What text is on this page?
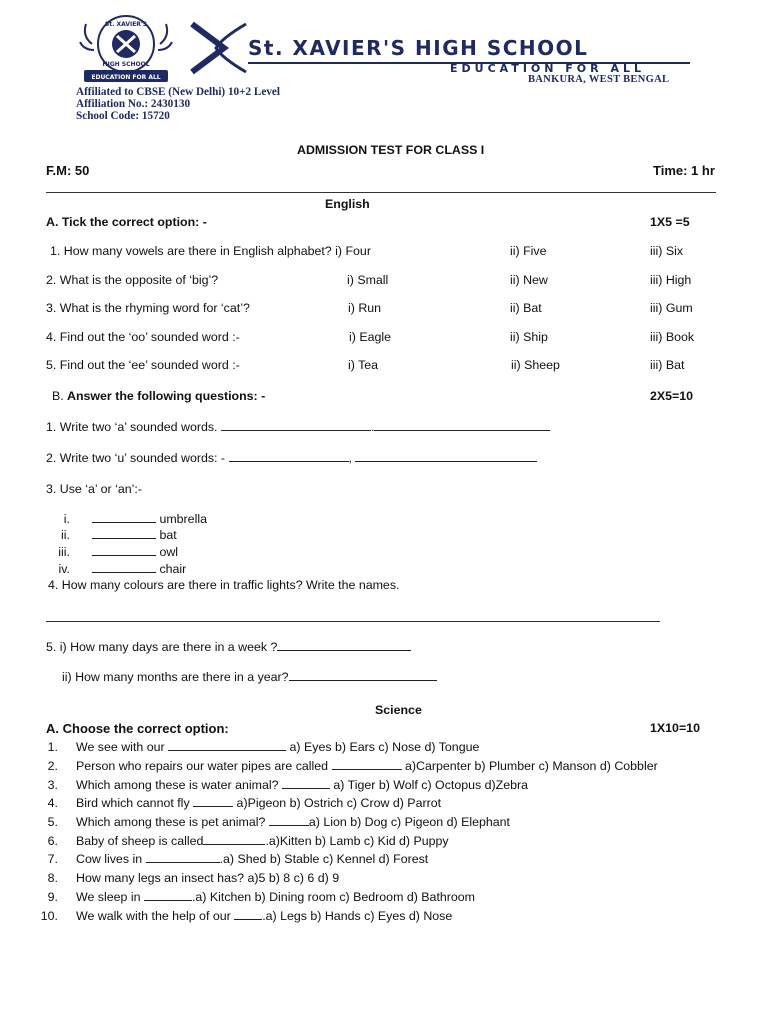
St. XAVIER'S
HIGH SCHOOL
EDUCATION FOR ALL
St. XAVIER'S HIGH SCHOOL
EDUCATION FOR ALL
BANKURA, WEST BENGAL
Affiliated to CBSE (New Delhi) 10+2 Level
Affiliation No.: 2430130
School Code: 15720
ADMISSION TEST FOR CLASS I
F.M: 50	Time: 1 hr
English
A. Tick the correct option: -	1X5 =5
1. How many vowels are there in English alphabet? i) Four	ii) Five	iii) Six
2. What is the opposite of ‘big’?	i) Small	ii) New	iii) High
3. What is the rhyming word for ‘cat’?	i) Run	ii) Bat	iii) Gum
4. Find out the ‘oo’ sounded word :-	i) Eagle	ii) Ship	iii) Book
5. Find out the ‘ee’ sounded word :-	i) Tea	ii) Sheep	iii) Bat
B. Answer the following questions: -	2X5=10
1. Write two ‘a’ sounded words.	.
2. Write two ‘u’ sounded words: -	,
3. Use ‘a’ or ‘an’:-
i.	umbrella
ii.	bat
iii.	owl
iv.	chair
4. How many colours are there in traffic lights? Write the names.
5. i) How many days are there in a week ?
ii) How many months are there in a year?
Science
A. Choose the correct option:	1X10=10
1. We see with our	a) Eyes b) Ears c) Nose d) Tongue
2. Person who repairs our water pipes are called	a)Carpenter b) Plumber c) Manson d) Cobbler
3. Which among these is water animal?	a) Tiger b) Wolf c) Octopus d)Zebra
4. Bird which cannot fly	a)Pigeon b) Ostrich c) Crow d) Parrot
5. Which among these is pet animal?	a) Lion b) Dog c) Pigeon d) Elephant
6. Baby of sheep is called	.a)Kitten b) Lamb c) Kid d) Puppy
7. Cow lives in	.a) Shed b) Stable c) Kennel d) Forest
8. How many legs an insect has? a)5 b) 8 c) 6 d) 9
9. We sleep in	.a) Kitchen b) Dining room c) Bedroom d) Bathroom
10. We walk with the help of our	.a) Legs b) Hands c) Eyes d) Nose
